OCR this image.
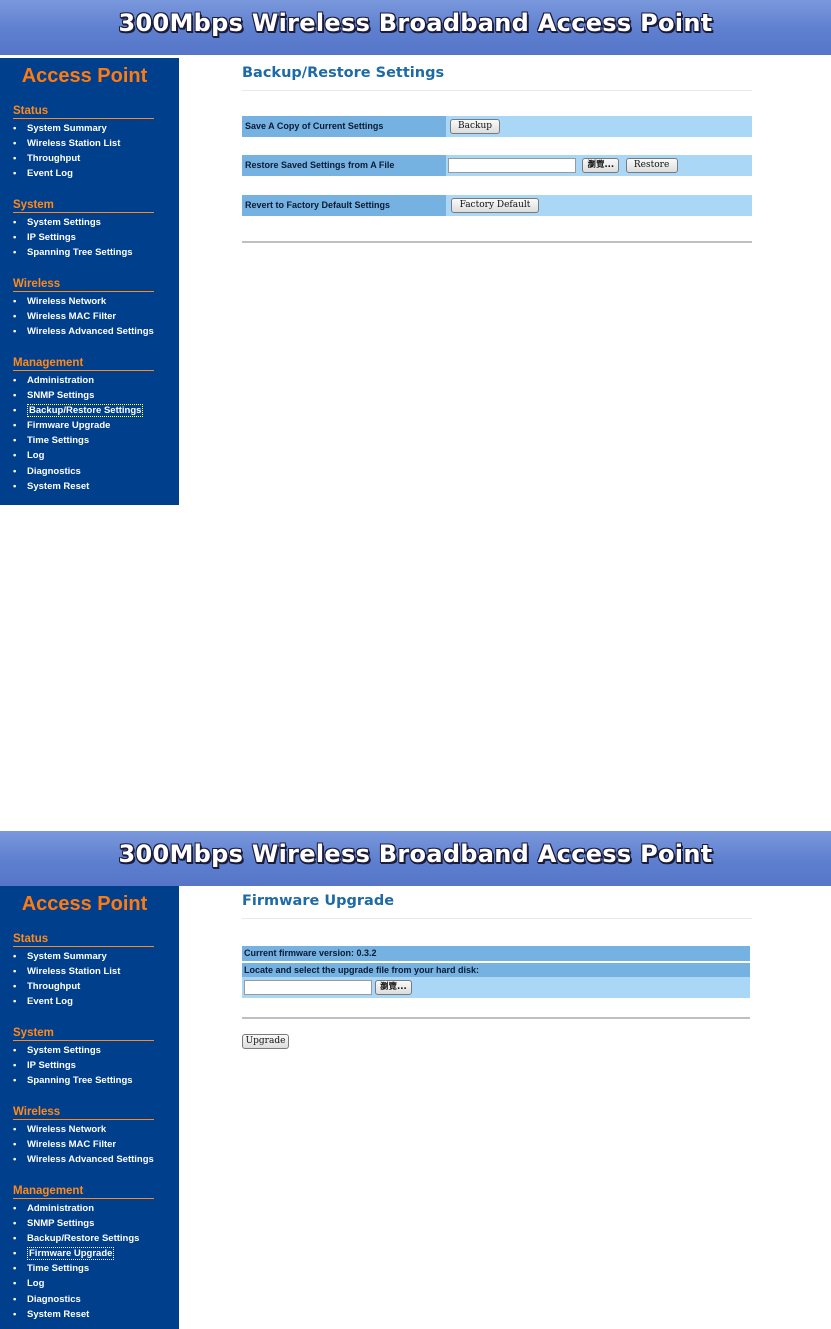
300Mbps Wireless Broadband Access Point
Access Point
Status
• System Summary
• Wireless Station List
• Throughput
• Event Log
System
• System Settings
• IP Settings
• Spanning Tree Settings
Wireless
• Wireless Network
• Wireless MAC Filter
• Wireless Advanced Settings
Management
• Administration
• SNMP Settings
• Backup/Restore Settings
• Firmware Upgrade
• Time Settings
• Log
• Diagnostics
• System Reset
Backup/Restore Settings
Save A Copy of Current Settings	Backup
Restore Saved Settings from A File	瀏覽... Restore
Revert to Factory Default Settings	Factory Default
300Mbps Wireless Broadband Access Point
Access Point
Status
• System Summary
• Wireless Station List
• Throughput
• Event Log
System
• System Settings
• IP Settings
• Spanning Tree Settings
Wireless
• Wireless Network
• Wireless MAC Filter
• Wireless Advanced Settings
Management
• Administration
• SNMP Settings
• Backup/Restore Settings
• Firmware Upgrade
• Time Settings
• Log
• Diagnostics
• System Reset
Firmware Upgrade
Current firmware version: 0.3.2
Locate and select the upgrade file from your hard disk:
瀏覽...
Upgrade
